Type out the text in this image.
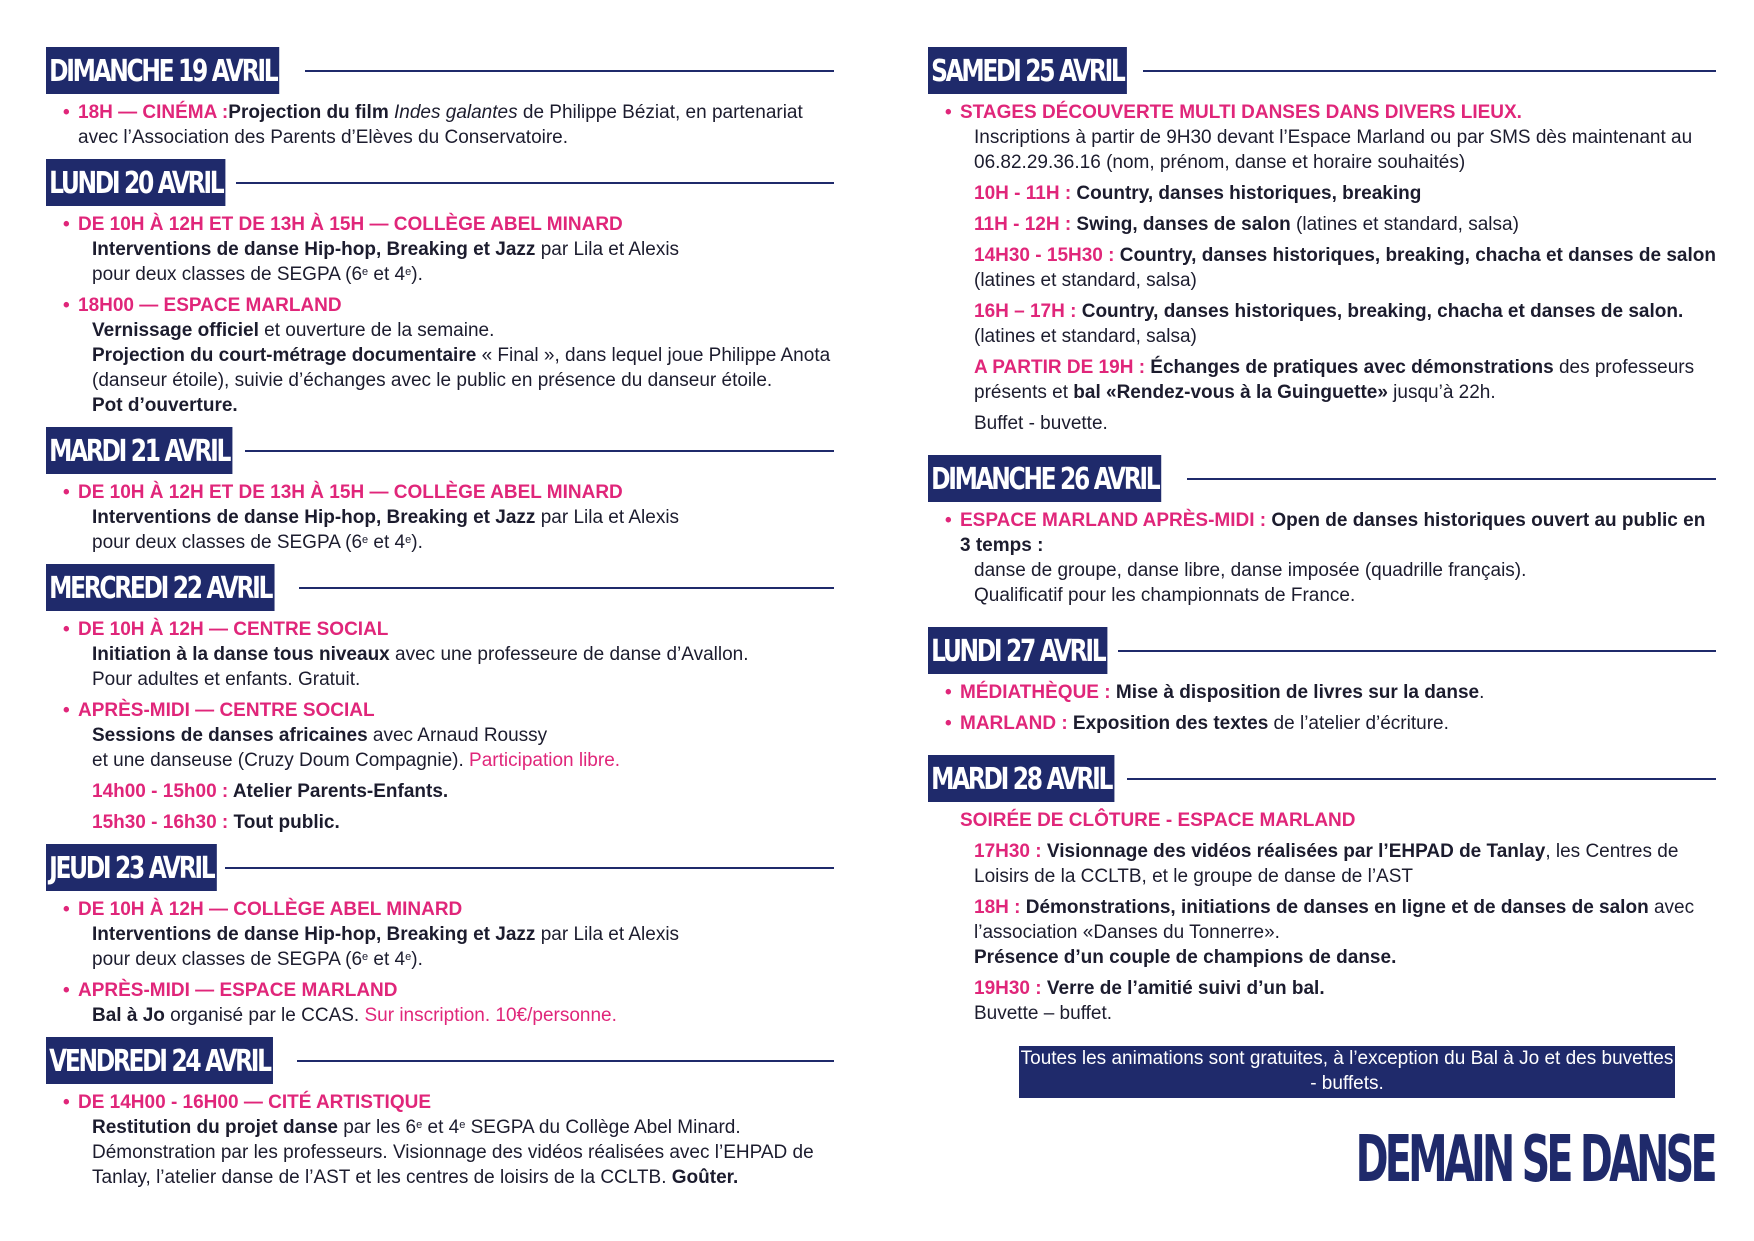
DIMANCHE 19 AVRIL
• 18H — CINÉMA :Projection du film Indes galantes de Philippe Béziat, en partenariat avec l’Association des Parents d’Elèves du Conservatoire.
LUNDI 20 AVRIL
• DE 10H À 12H ET DE 13H À 15H — COLLÈGE ABEL MINARD
Interventions de danse Hip-hop, Breaking et Jazz par Lila et Alexis
pour deux classes de SEGPA (6e et 4e).
• 18H00 — ESPACE MARLAND
Vernissage officiel et ouverture de la semaine.
Projection du court-métrage documentaire « Final », dans lequel joue Philippe Anota (danseur étoile), suivie d’échanges avec le public en présence du danseur étoile.
Pot d’ouverture.
MARDI 21 AVRIL
• DE 10H À 12H ET DE 13H À 15H — COLLÈGE ABEL MINARD
Interventions de danse Hip-hop, Breaking et Jazz par Lila et Alexis
pour deux classes de SEGPA (6e et 4e).
MERCREDI 22 AVRIL
• DE 10H À 12H — CENTRE SOCIAL
Initiation à la danse tous niveaux avec une professeure de danse d’Avallon.
Pour adultes et enfants. Gratuit.
• APRÈS-MIDI — CENTRE SOCIAL
Sessions de danses africaines avec Arnaud Roussy
et une danseuse (Cruzy Doum Compagnie). Participation libre.
14h00 - 15h00 : Atelier Parents-Enfants.
15h30 - 16h30 : Tout public.
JEUDI 23 AVRIL
• DE 10H À 12H — COLLÈGE ABEL MINARD
Interventions de danse Hip-hop, Breaking et Jazz par Lila et Alexis
pour deux classes de SEGPA (6e et 4e).
• APRÈS-MIDI — ESPACE MARLAND
Bal à Jo organisé par le CCAS. Sur inscription. 10€/personne.
VENDREDI 24 AVRIL
• DE 14H00 - 16H00 — CITÉ ARTISTIQUE
Restitution du projet danse par les 6e et 4e SEGPA du Collège Abel Minard. Démonstration par les professeurs. Visionnage des vidéos réalisées avec l’EHPAD de Tanlay, l’atelier danse de l’AST et les centres de loisirs de la CCLTB. Goûter.
SAMEDI 25 AVRIL
• STAGES DÉCOUVERTE MULTI DANSES DANS DIVERS LIEUX.
Inscriptions à partir de 9H30 devant l’Espace Marland ou par SMS dès maintenant au 06.82.29.36.16 (nom, prénom, danse et horaire souhaités)
10H - 11H : Country, danses historiques, breaking
11H - 12H : Swing, danses de salon (latines et standard, salsa)
14H30 - 15H30 : Country, danses historiques, breaking, chacha et danses de salon (latines et standard, salsa)
16H – 17H : Country, danses historiques, breaking, chacha et danses de salon. (latines et standard, salsa)
A PARTIR DE 19H : Échanges de pratiques avec démonstrations des professeurs présents et bal «Rendez-vous à la Guinguette» jusqu’à 22h.
Buffet - buvette.
DIMANCHE 26 AVRIL
• ESPACE MARLAND APRÈS-MIDI : Open de danses historiques ouvert au public en 3 temps :
danse de groupe, danse libre, danse imposée (quadrille français).
Qualificatif pour les championnats de France.
LUNDI 27 AVRIL
• MÉDIATHÈQUE : Mise à disposition de livres sur la danse.
• MARLAND : Exposition des textes de l’atelier d’écriture.
MARDI 28 AVRIL
SOIRÉE DE CLÔTURE - ESPACE MARLAND
17H30 : Visionnage des vidéos réalisées par l’EHPAD de Tanlay, les Centres de Loisirs de la CCLTB, et le groupe de danse de l’AST
18H : Démonstrations, initiations de danses en ligne et de danses de salon avec l’association «Danses du Tonnerre».
Présence d’un couple de champions de danse.
19H30 : Verre de l’amitié suivi d’un bal.
Buvette – buffet.
Toutes les animations sont gratuites, à l’exception du Bal à Jo et des buvettes - buffets.
DEMAIN SE DANSE
